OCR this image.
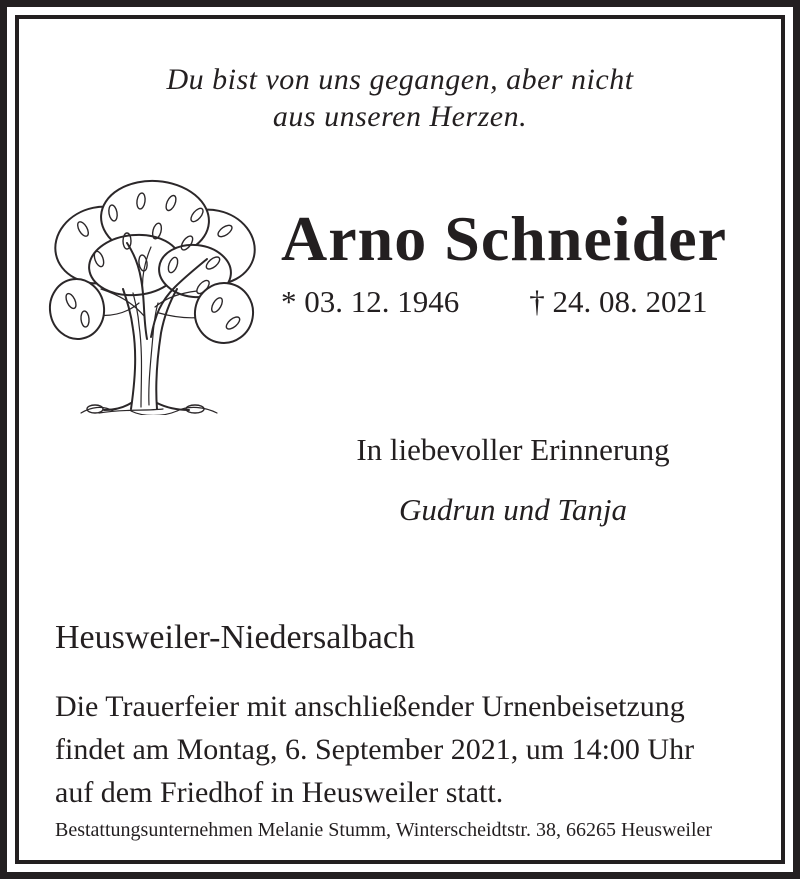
Du bist von uns gegangen, aber nicht
aus unseren Herzen.
Arno Schneider
* 03. 12. 1946 † 24. 08. 2021
In liebevoller Erinnerung
Gudrun und Tanja
Heusweiler-Niedersalbach
Die Trauerfeier mit anschließender Urnenbeisetzung
findet am Montag, 6. September 2021, um 14:00 Uhr
auf dem Friedhof in Heusweiler statt.
Bestattungsunternehmen Melanie Stumm, Winterscheidtstr. 38, 66265 Heusweiler
